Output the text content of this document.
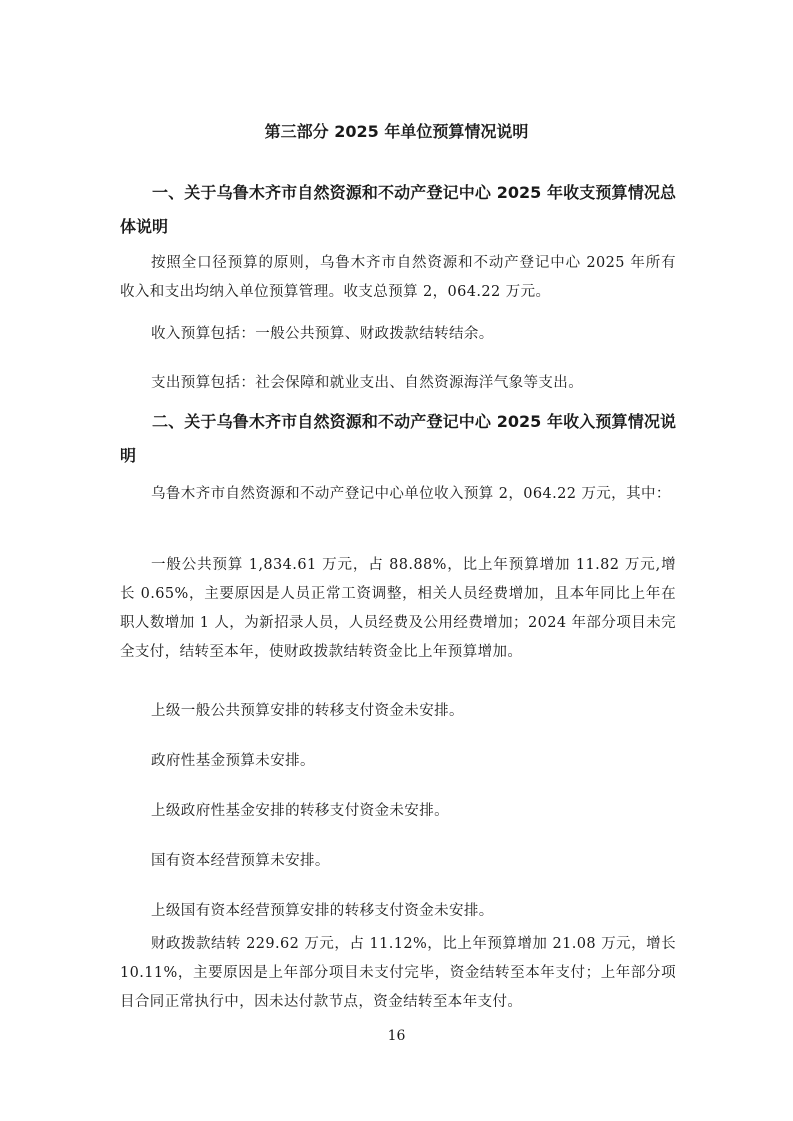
第三部分 2025 年单位预算情况说明
一、关于乌鲁木齐市自然资源和不动产登记中心 2025 年收支预算情况总体说明
按照全口径预算的原则，乌鲁木齐市自然资源和不动产登记中心 2025 年所有收入和支出均纳入单位预算管理。收支总预算 2，064.22 万元。
收入预算包括：一般公共预算、财政拨款结转结余。
支出预算包括：社会保障和就业支出、自然资源海洋气象等支出。
二、关于乌鲁木齐市自然资源和不动产登记中心 2025 年收入预算情况说明
乌鲁木齐市自然资源和不动产登记中心单位收入预算 2，064.22 万元，其中：
一般公共预算 1,834.61 万元，占 88.88%，比上年预算增加 11.82 万元,增长 0.65%，主要原因是人员正常工资调整，相关人员经费增加，且本年同比上年在职人数增加 1 人，为新招录人员，人员经费及公用经费增加；2024 年部分项目未完全支付，结转至本年，使财政拨款结转资金比上年预算增加。
上级一般公共预算安排的转移支付资金未安排。
政府性基金预算未安排。
上级政府性基金安排的转移支付资金未安排。
国有资本经营预算未安排。
上级国有资本经营预算安排的转移支付资金未安排。
财政拨款结转 229.62 万元，占 11.12%，比上年预算增加 21.08 万元，增长 10.11%，主要原因是上年部分项目未支付完毕，资金结转至本年支付；上年部分项目合同正常执行中，因未达付款节点，资金结转至本年支付。
16
